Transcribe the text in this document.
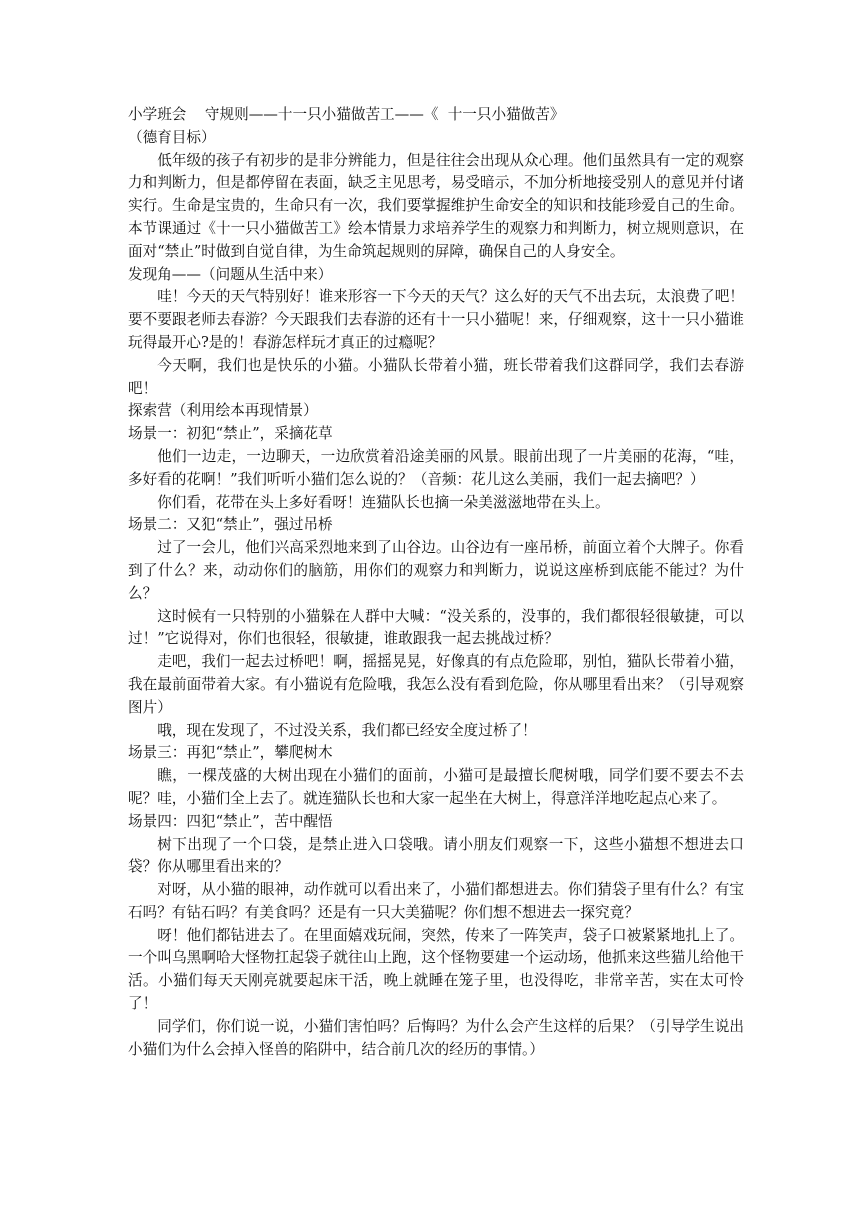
小学班会    守规则——十一只小猫做苦工——《  十一只小猫做苦》

（德育目标）

低年级的孩子有初步的是非分辨能力，但是往往会出现从众心理。他们虽然具有一定的观察力和判断力，但是都停留在表面，缺乏主见思考，易受暗示，不加分析地接受别人的意见并付诸实行。生命是宝贵的，生命只有一次，我们要掌握维护生命安全的知识和技能珍爱自己的生命。本节课通过《十一只小猫做苦工》绘本情景力求培养学生的观察力和判断力，树立规则意识，在面对“禁止”时做到自觉自律，为生命筑起规则的屏障，确保自己的人身安全。

发现角——（问题从生活中来）

哇！今天的天气特别好！谁来形容一下今天的天气？这么好的天气不出去玩，太浪费了吧！要不要跟老师去春游？今天跟我们去春游的还有十一只小猫呢！来，仔细观察，这十一只小猫谁玩得最开心?是的！春游怎样玩才真正的过瘾呢？

今天啊，我们也是快乐的小猫。小猫队长带着小猫，班长带着我们这群同学，我们去春游吧！

探索营（利用绘本再现情景）

场景一：初犯“禁止”，采摘花草

他们一边走，一边聊天，一边欣赏着沿途美丽的风景。眼前出现了一片美丽的花海，“哇，多好看的花啊！”我们听听小猫们怎么说的？（音频：花儿这么美丽，我们一起去摘吧？）

你们看，花带在头上多好看呀！连猫队长也摘一朵美滋滋地带在头上。

场景二：又犯“禁止”，强过吊桥

过了一会儿，他们兴高采烈地来到了山谷边。山谷边有一座吊桥，前面立着个大牌子。你看到了什么？来，动动你们的脑筋，用你们的观察力和判断力，说说这座桥到底能不能过？为什么？

这时候有一只特别的小猫躲在人群中大喊：“没关系的，没事的，我们都很轻很敏捷，可以过！”它说得对，你们也很轻，很敏捷，谁敢跟我一起去挑战过桥？

走吧，我们一起去过桥吧！啊，摇摇晃晃，好像真的有点危险耶，别怕，猫队长带着小猫，我在最前面带着大家。有小猫说有危险哦，我怎么没有看到危险，你从哪里看出来？（引导观察图片）

哦，现在发现了，不过没关系，我们都已经安全度过桥了！

场景三：再犯“禁止”，攀爬树木

瞧，一棵茂盛的大树出现在小猫们的面前，小猫可是最擅长爬树哦，同学们要不要去不去呢？哇，小猫们全上去了。就连猫队长也和大家一起坐在大树上，得意洋洋地吃起点心来了。

场景四：四犯“禁止”，苦中醒悟

树下出现了一个口袋，是禁止进入口袋哦。请小朋友们观察一下，这些小猫想不想进去口袋？你从哪里看出来的？

对呀，从小猫的眼神，动作就可以看出来了，小猫们都想进去。你们猜袋子里有什么？有宝石吗？有钻石吗？有美食吗？还是有一只大美猫呢？你们想不想进去一探究竟？

呀！他们都钻进去了。在里面嬉戏玩闹，突然，传来了一阵笑声，袋子口被紧紧地扎上了。一个叫乌黑啊哈大怪物扛起袋子就往山上跑，这个怪物要建一个运动场，他抓来这些猫儿给他干活。小猫们每天天刚亮就要起床干活，晚上就睡在笼子里，也没得吃，非常辛苦，实在太可怜了！

同学们，你们说一说，小猫们害怕吗？后悔吗？为什么会产生这样的后果？（引导学生说出小猫们为什么会掉入怪兽的陷阱中，结合前几次的经历的事情。）
